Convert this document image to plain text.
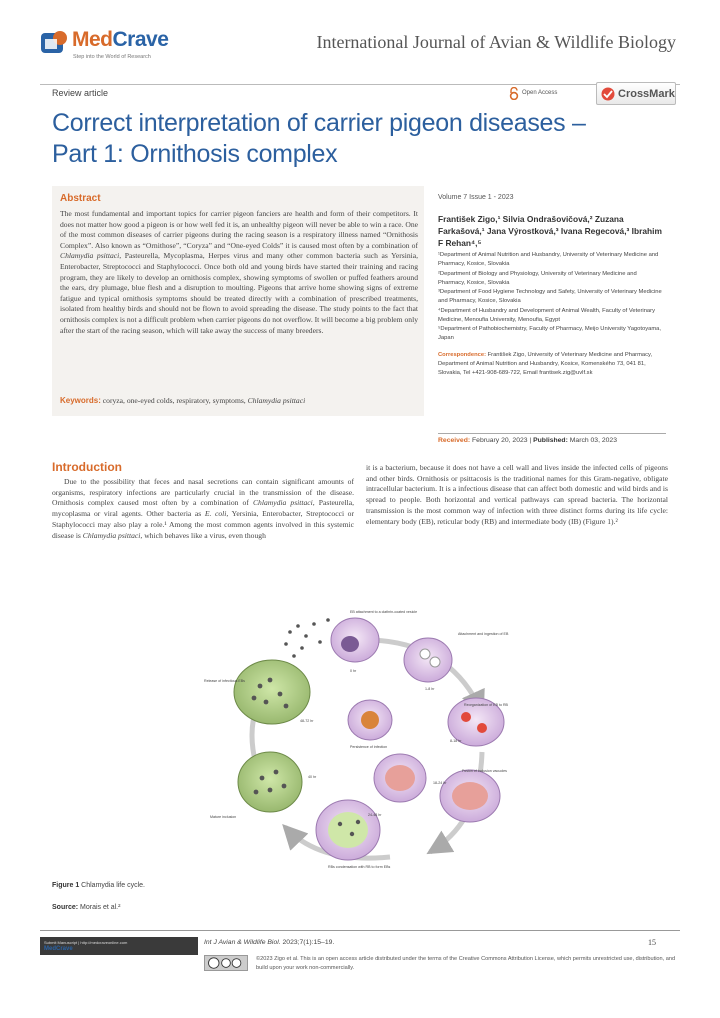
MedCrave
Step into the World of Research
International Journal of Avian & Wildlife Biology
Review article	Open Access	CrossMark
Correct interpretation of carrier pigeon diseases –
Part 1: Ornithosis complex
Abstract

The most fundamental and important topics for carrier pigeon fanciers are health and form of their competitors. It does not matter how good a pigeon is or how well fed it is, an unhealthy pigeon will never be able to win a race. One of the most common diseases of carrier pigeons during the racing season is a respiratory illness named “Ornithosis Complex”. Also known as “Ornithose”, “Coryza” and “One-eyed Colds” it is caused most often by a combination of Chlamydia psittaci, Pasteurella, Mycoplasma, Herpes virus and many other common bacteria such as Yersinia, Enterobacter, Streptococci and Staphylococci. Once both old and young birds have started their training and racing program, they are likely to develop an ornithosis complex, showing symptoms of swollen or puffed feathers around the ears, dry plumage, blue flesh and a disruption to moulting. Pigeons that arrive home showing signs of extreme fatigue and typical ornithosis symptoms should be treated directly with a combination of prescribed treatments, isolated from healthy birds and should not be flown to avoid spreading the disease. The study points to the fact that ornithosis complex is not a difficult problem when carrier pigeons do not overflow. It will become a big problem only after the start of the racing season, which will take away the success of many breeders.

Keywords: coryza, one-eyed colds, respiratory, symptoms, Chlamydia psittaci
Volume 7 Issue 1 - 2023
František Zigo,¹ Silvia Ondrašovičová,² Zuzana Farkašová,¹ Jana Výrostková,³ Ivana Regecová,³ Ibrahim F Rehan⁴,⁵
¹Department of Animal Nutrition and Husbandry, University of Veterinary Medicine and Pharmacy, Kosice, Slovakia
²Department of Biology and Physiology, University of Veterinary Medicine and Pharmacy, Kosice, Slovakia
³Department of Food Hygiene Technology and Safety, University of Veterinary Medicine and Pharmacy, Kosice, Slovakia
⁴Department of Husbandry and Development of Animal Wealth, Faculty of Veterinary Medicine, Menoufia University, Menoufia, Egypt
⁵Department of Pathobiochemistry, Faculty of Pharmacy, Meijo University Yagotoyama, Japan
Correspondence: František Zigo, University of Veterinary Medicine and Pharmacy, Department of Animal Nutrition and Husbandry, Kosice, Komenského 73, 041 81, Slovakia, Tel +421-908-689-722, Email frantisek.zig@uvlf.sk
Received: February 20, 2023 | Published: March 03, 2023
Introduction

Due to the possibility that feces and nasal secretions can contain significant amounts of organisms, respiratory infections are particularly crucial in the transmission of the disease. Ornithosis complex caused most often by a combination of Chlamydia psittaci, Pasteurella, mycoplasma or viral agents. Other bacteria as E. coli, Yersinia, Enterobacter, Streptococci or Staphylococci may also play a role.¹ Among the most common agents involved in this systemic disease is Chlamydia psittaci, which behaves like a virus, even though

it is a bacterium, because it does not have a cell wall and lives inside the infected cells of pigeons and other birds. Ornithosis or psittacosis is the traditional names for this Gram-negative, obligate intracellular bacterium. It is a infectious disease that can affect both domestic and wild birds and is spread to people. Both horizontal and vertical pathways can spread bacteria. The horizontal transmission is the most common way of infection with three distinct forms during its life cycle: elementary body (EB), reticular body (RB) and intermediate body (IB) (Figure 1).²

EB attachment to a clathrin-coated vesicle
Attachment and ingestion of EB
0 hr
1-8 hr
8-18 hr
18-24 hr
24-48 hr
40 hr
48-72 hr
Release of infectious EBs
Reorganization of EB to RB
Fusion of inclusion vacuoles
RBs condensation with RB to form EBs
Mature inclusion
Persistence of infection
Figure 1 Chlamydia life cycle.
Source: Morais et al.²
Submit Manuscript | http://medcraveonline.com
MedCrave
Int J Avian & Wildlife Biol. 2023;7(1):15‒19.	15
©2023 Zigo et al. This is an open access article distributed under the terms of the Creative Commons Attribution License, which permits unrestricted use, distribution, and build upon your work non-commercially.
